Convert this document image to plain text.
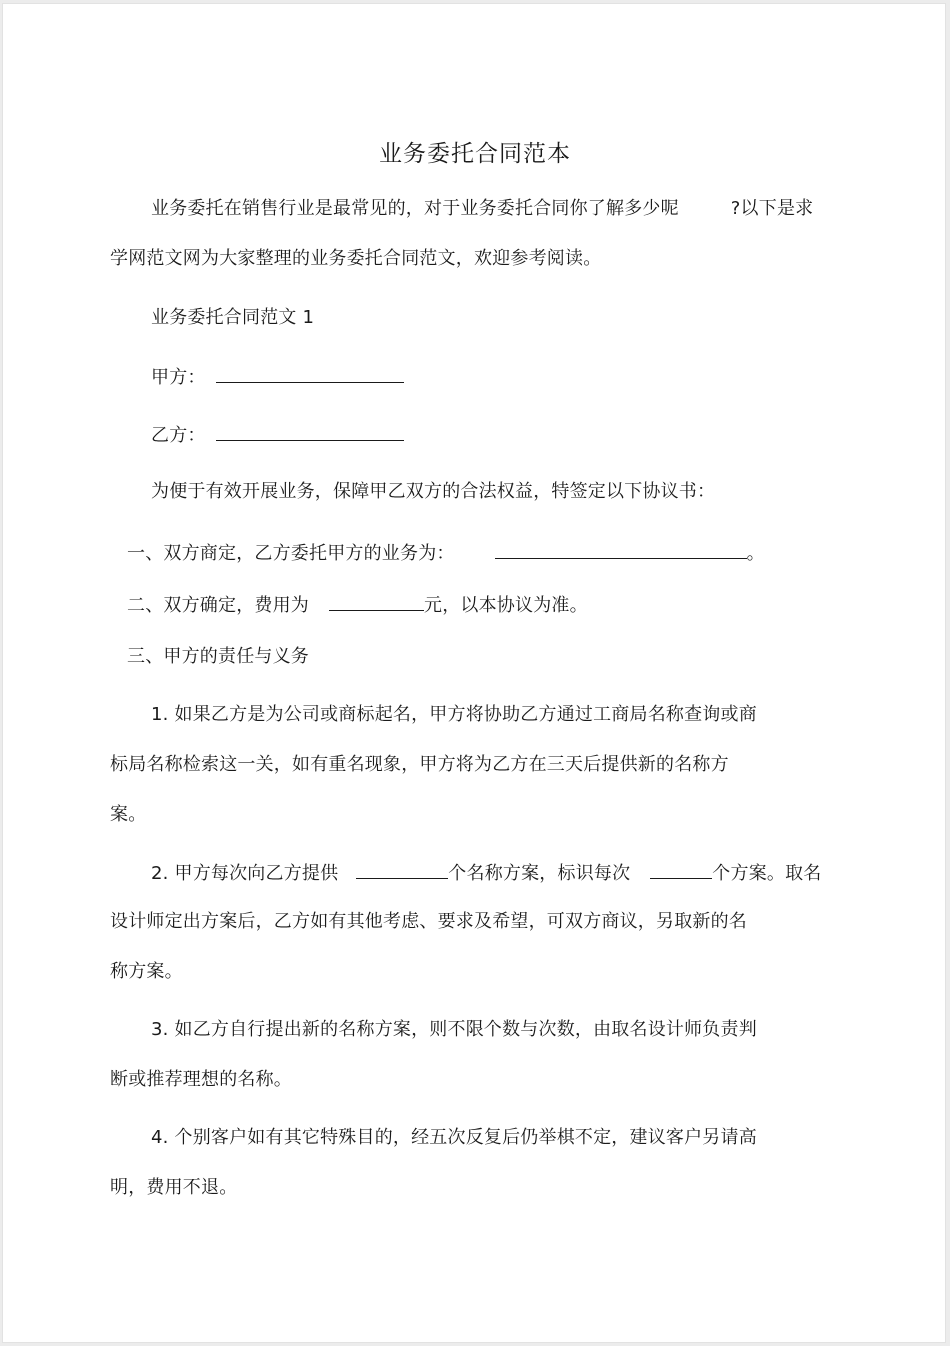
业务委托合同范本
业务委托在销售行业是最常见的，对于业务委托合同你了解多少呢	?以下是求
学网范文网为大家整理的业务委托合同范文，欢迎参考阅读。
业务委托合同范文 1
甲方：
乙方：
为便于有效开展业务，保障甲乙双方的合法权益，特签定以下协议书：
一、双方商定，乙方委托甲方的业务为：	。
二、双方确定，费用为	元，以本协议为准。
三、甲方的责任与义务
1. 如果乙方是为公司或商标起名，甲方将协助乙方通过工商局名称查询或商
标局名称检索这一关，如有重名现象，甲方将为乙方在三天后提供新的名称方
案。
2. 甲方每次向乙方提供	个名称方案，标识每次	个方案。取名
设计师定出方案后，乙方如有其他考虑、要求及希望，可双方商议，另取新的名
称方案。
3. 如乙方自行提出新的名称方案，则不限个数与次数，由取名设计师负责判
断或推荐理想的名称。
4. 个别客户如有其它特殊目的，经五次反复后仍举棋不定，建议客户另请高
明，费用不退。
